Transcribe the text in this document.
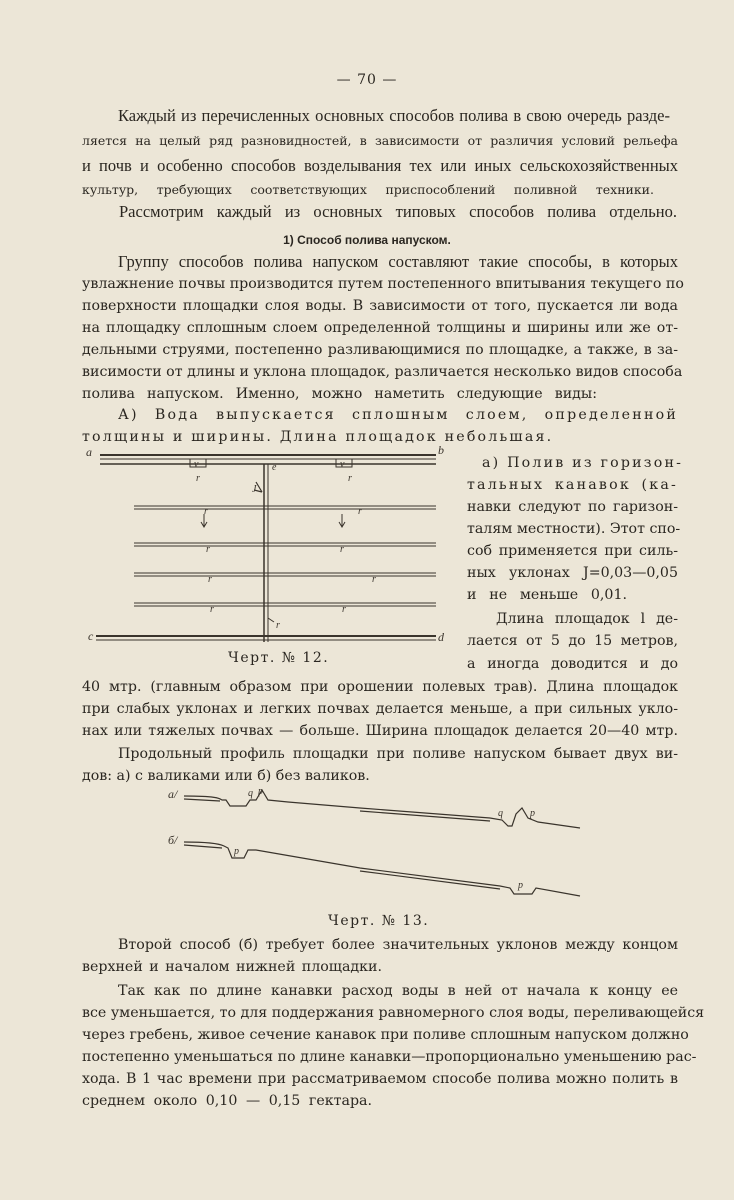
— 70 —

Каждый из перечисленных основных способов полива в свою очередь разде-

ляется на целый ряд разновидностей, в зависимости от различия условий рельефа

и почв и особенно способов возделывания тех или иных сельскохозяйственных

культур, требующих соответствующих приспособлений поливной техники.

Рассмотрим каждый из основных типовых способов полива отдельно.

1) Способ полива напуском.

Группу способов полива напуском составляют такие способы, в которых

увлажнение почвы производится путем постепенного впитывания текущего по

поверхности площадки слоя воды. В зависимости от того, пускается ли вода

на площадку сплошным слоем определенной толщины и ширины или же от-

дельными струями, постепенно разливающимися по площадке, а также, в за-

висимости от длины и уклона площадок, различается несколько видов способа

полива напуском. Именно, можно наметить следующие виды:

А) Вода выпускается сплошным слоем, определенной

толщины и ширины. Длина площадок небольшая.

a	b
c	d
e
v	v
J
r	r
r	r
r	r
r	r
r	r
r
Черт. № 12.

а) Полив из горизон-

тальных канавок (ка-

навки следуют по гаризон-

талям местности). Этот спо-

соб применяется при силь-

ных уклонах J=0,03—0,05

и не меньше 0,01.

Длина площадок l де-

лается от 5 до 15 метров,

а иногда доводится и до

40 мтр. (главным образом при орошении полевых трав). Длина площадок

при слабых уклонах и легких почвах делается меньше, а при сильных укло-

нах или тяжелых почвах — больше. Ширина площадок делается 20—40 мтр.

Продольный профиль площадки при поливе напуском бывает двух ви-

дов: а) с валиками или б) без валиков.

а/
б/
q p
q	p
p
p
Черт. № 13.

Второй способ (б) требует более значительных уклонов между концом

верхней и началом нижней площадки.

Так как по длине канавки расход воды в ней от начала к концу ее

все уменьшается, то для поддержания равномерного слоя воды, переливающейся

через гребень, живое сечение канавок при поливе сплошным напуском должно

постепенно уменьшаться по длине канавки—пропорционально уменьшению рас-

хода. В 1 час времени при рассматриваемом способе полива можно полить в

среднем около 0,10 — 0,15 гектара.
